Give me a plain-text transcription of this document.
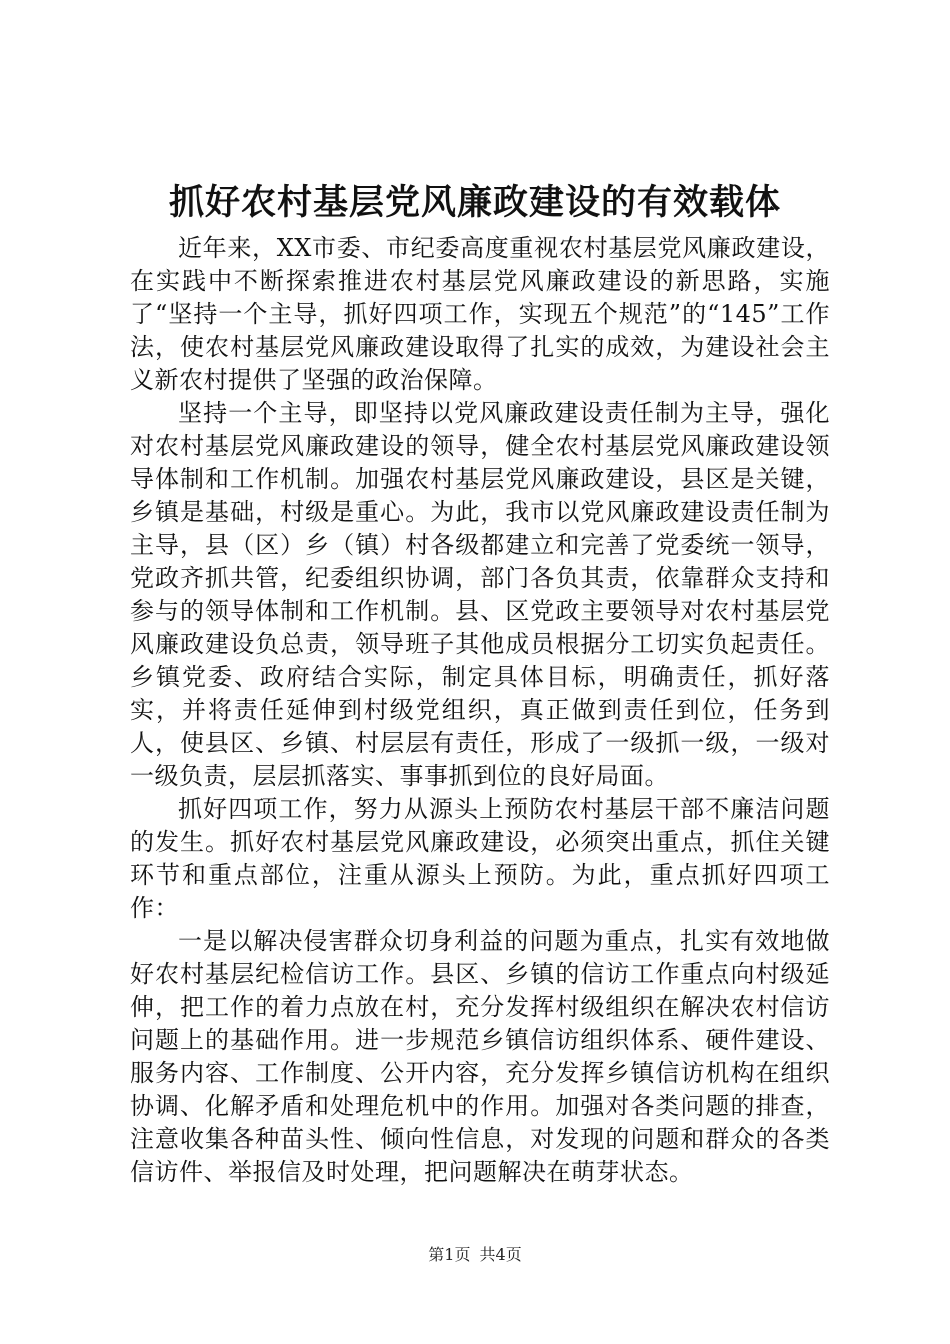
抓好农村基层党风廉政建设的有效载体

近年来，XX市委、市纪委高度重视农村基层党风廉政建设，在实践中不断探索推进农村基层党风廉政建设的新思路，实施了“坚持一个主导，抓好四项工作，实现五个规范”的“145”工作法，使农村基层党风廉政建设取得了扎实的成效，为建设社会主义新农村提供了坚强的政治保障。

坚持一个主导，即坚持以党风廉政建设责任制为主导，强化对农村基层党风廉政建设的领导，健全农村基层党风廉政建设领导体制和工作机制。加强农村基层党风廉政建设，县区是关键，乡镇是基础，村级是重心。为此，我市以党风廉政建设责任制为主导，县（区）乡（镇）村各级都建立和完善了党委统一领导，党政齐抓共管，纪委组织协调，部门各负其责，依靠群众支持和参与的领导体制和工作机制。县、区党政主要领导对农村基层党风廉政建设负总责，领导班子其他成员根据分工切实负起责任。乡镇党委、政府结合实际，制定具体目标，明确责任，抓好落实，并将责任延伸到村级党组织，真正做到责任到位，任务到人，使县区、乡镇、村层层有责任，形成了一级抓一级，一级对一级负责，层层抓落实、事事抓到位的良好局面。

抓好四项工作，努力从源头上预防农村基层干部不廉洁问题的发生。抓好农村基层党风廉政建设，必须突出重点，抓住关键环节和重点部位，注重从源头上预防。为此，重点抓好四项工作：

一是以解决侵害群众切身利益的问题为重点，扎实有效地做好农村基层纪检信访工作。县区、乡镇的信访工作重点向村级延伸，把工作的着力点放在村，充分发挥村级组织在解决农村信访问题上的基础作用。进一步规范乡镇信访组织体系、硬件建设、服务内容、工作制度、公开内容，充分发挥乡镇信访机构在组织协调、化解矛盾和处理危机中的作用。加强对各类问题的排查，注意收集各种苗头性、倾向性信息，对发现的问题和群众的各类信访件、举报信及时处理，把问题解决在萌芽状态。

第1页 共4页
